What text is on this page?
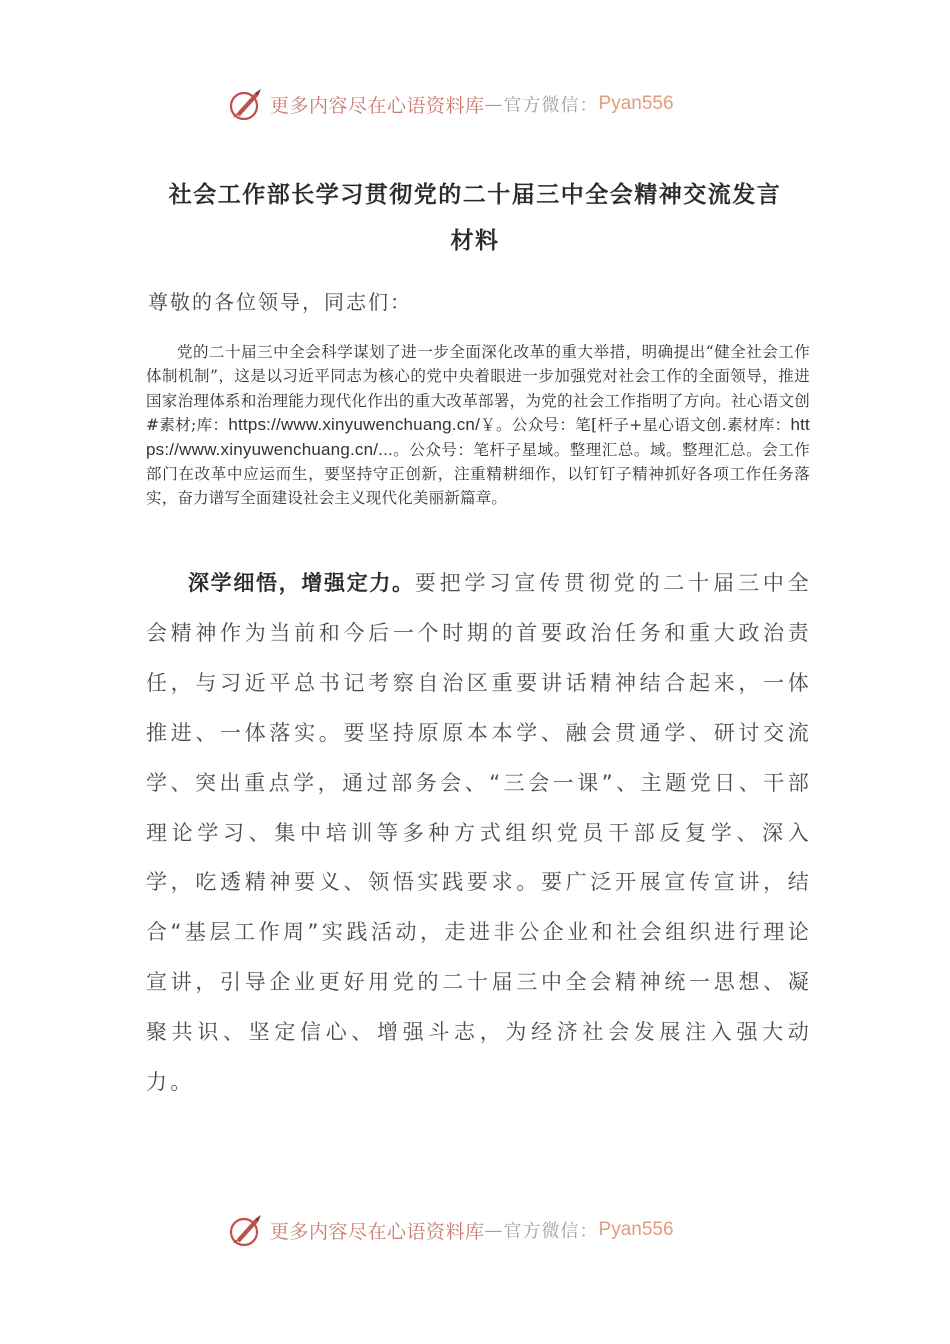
更多内容尽在心语资料库 — 官方微信： Pyan556
社会工作部长学习贯彻党的二十届三中全会精神交流发言
材料
尊敬的各位领导，同志们：
党的二十届三中全会科学谋划了进一步全面深化改革的重大举措，明确提出“健全社会工作体制机制”，这是以习近平同志为核心的党中央着眼进一步加强党对社会工作的全面领导，推进国家治理体系和治理能力现代化作出的重大改革部署，为党的社会工作指明了方向。社心语文创#素材;库：https://www.xinyuwenchuang.cn/￥。公众号：笔[杆子+星心语文创.素材库：https://www.xinyuwenchuang.cn/...。公众号：笔杆子星域。整理汇总。域。整理汇总。会工作部门在改革中应运而生，要坚持守正创新，注重精耕细作，以钉钉子精神抓好各项工作任务落实，奋力谱写全面建设社会主义现代化美丽新篇章。
深学细悟，增强定力。要把学习宣传贯彻党的二十届三中全会精神作为当前和今后一个时期的首要政治任务和重大政治责任，与习近平总书记考察自治区重要讲话精神结合起来，一体推进、一体落实。要坚持原原本本学、融会贯通学、研讨交流学、突出重点学，通过部务会、“三会一课”、主题党日、干部理论学习、集中培训等多种方式组织党员干部反复学、深入学，吃透精神要义、领悟实践要求。要广泛开展宣传宣讲，结合“基层工作周”实践活动，走进非公企业和社会组织进行理论宣讲，引导企业更好用党的二十届三中全会精神统一思想、凝聚共识、坚定信心、增强斗志，为经济社会发展注入强大动力。
更多内容尽在心语资料库 — 官方微信： Pyan556
